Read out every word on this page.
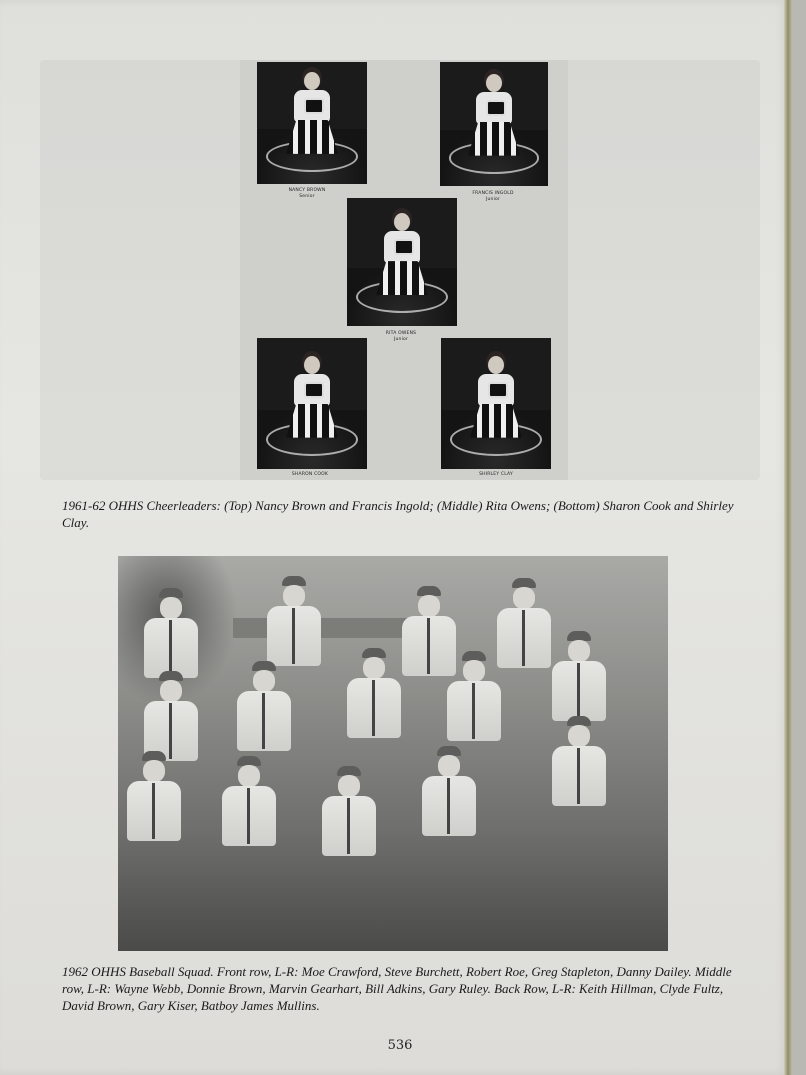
NANCY BROWN
Senior
FRANCIS INGOLD
Junior
RITA OWENS
Junior
SHARON COOK	SHIRLEY CLAY
1961-62 OHHS Cheerleaders: (Top) Nancy Brown and Francis Ingold; (Middle) Rita Owens; (Bottom) Sharon Cook and Shirley Clay.
1962 OHHS Baseball Squad. Front row, L-R: Moe Crawford, Steve Burchett, Robert Roe, Greg Stapleton, Danny Dailey. Middle row, L-R: Wayne Webb, Donnie Brown, Marvin Gearhart, Bill Adkins, Gary Ruley. Back Row, L-R: Keith Hillman, Clyde Fultz, David Brown, Gary Kiser, Batboy James Mullins.
536
